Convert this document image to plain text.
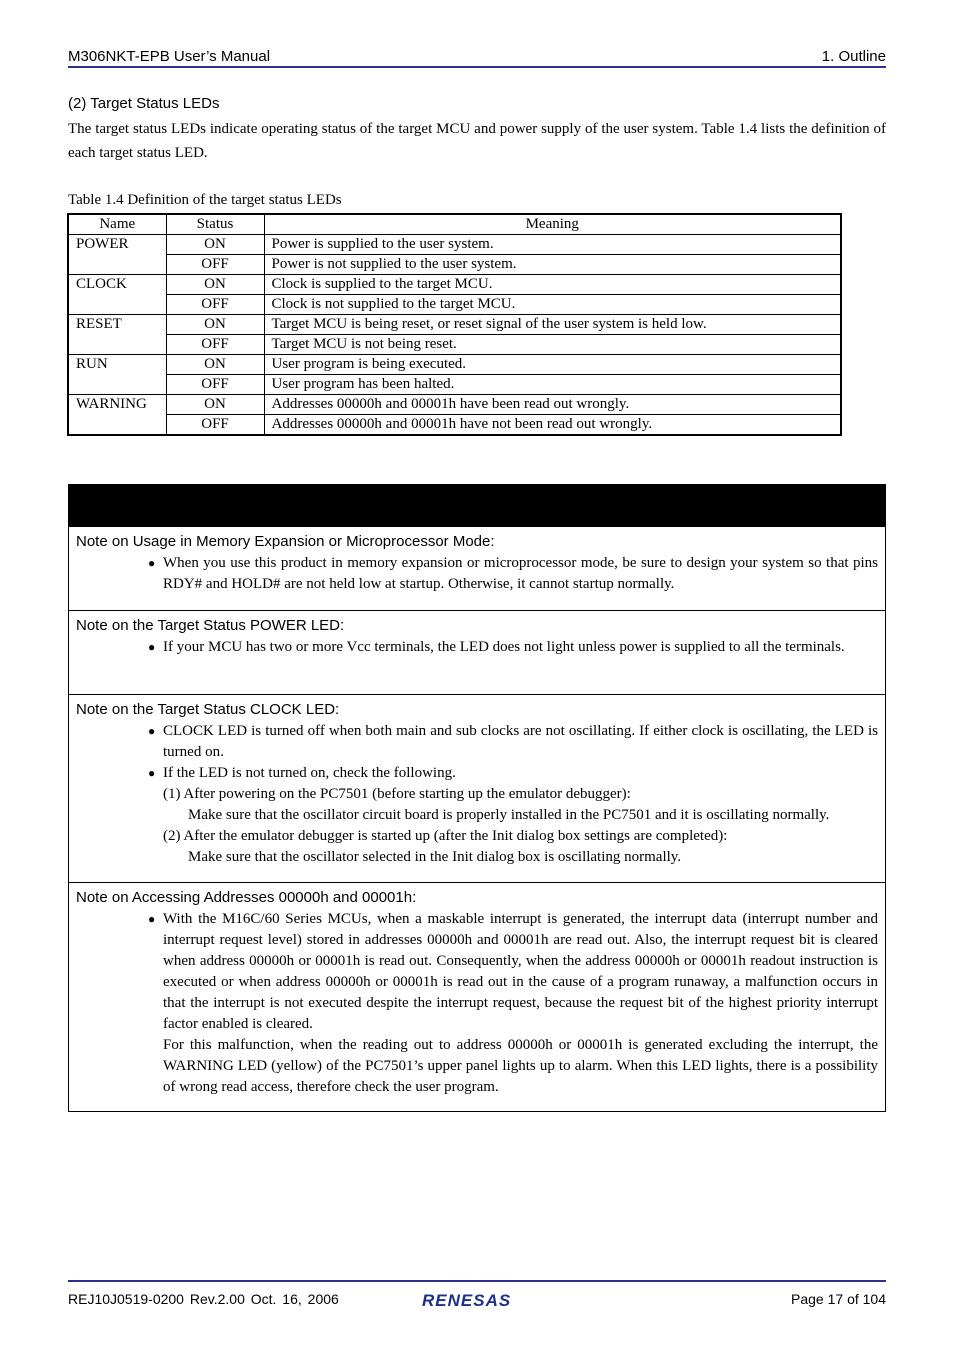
M306NKT-EPB User’s Manual	1. Outline
(2) Target Status LEDs
The target status LEDs indicate operating status of the target MCU and power supply of the user system. Table 1.4 lists the definition of each target status LED.
Table 1.4 Definition of the target status LEDs
Name	Status	Meaning
POWER	ON	Power is supplied to the user system.
	OFF	Power is not supplied to the user system.
CLOCK	ON	Clock is supplied to the target MCU.
	OFF	Clock is not supplied to the target MCU.
RESET	ON	Target MCU is being reset, or reset signal of the user system is held low.
	OFF	Target MCU is not being reset.
RUN	ON	User program is being executed.
	OFF	User program has been halted.
WARNING	ON	Addresses 00000h and 00001h have been read out wrongly.
	OFF	Addresses 00000h and 00001h have not been read out wrongly.
Note on Usage in Memory Expansion or Microprocessor Mode:
● When you use this product in memory expansion or microprocessor mode, be sure to design your system so that pins RDY# and HOLD# are not held low at startup. Otherwise, it cannot startup normally.
Note on the Target Status POWER LED:
● If your MCU has two or more Vcc terminals, the LED does not light unless power is supplied to all the terminals.
Note on the Target Status CLOCK LED:
● CLOCK LED is turned off when both main and sub clocks are not oscillating. If either clock is oscillating, the LED is turned on.
● If the LED is not turned on, check the following.
(1) After powering on the PC7501 (before starting up the emulator debugger):
Make sure that the oscillator circuit board is properly installed in the PC7501 and it is oscillating normally.
(2) After the emulator debugger is started up (after the Init dialog box settings are completed):
Make sure that the oscillator selected in the Init dialog box is oscillating normally.
Note on Accessing Addresses 00000h and 00001h:
● With the M16C/60 Series MCUs, when a maskable interrupt is generated, the interrupt data (interrupt number and interrupt request level) stored in addresses 00000h and 00001h are read out. Also, the interrupt request bit is cleared when address 00000h or 00001h is read out. Consequently, when the address 00000h or 00001h readout instruction is executed or when address 00000h or 00001h is read out in the cause of a program runaway, a malfunction occurs in that the interrupt is not executed despite the interrupt request, because the request bit of the highest priority interrupt factor enabled is cleared.
For this malfunction, when the reading out to address 00000h or 00001h is generated excluding the interrupt, the WARNING LED (yellow) of the PC7501’s upper panel lights up to alarm. When this LED lights, there is a possibility of wrong read access, therefore check the user program.
REJ10J0519-0200 Rev.2.00 Oct. 16, 2006	RENESAS	Page 17 of 104
